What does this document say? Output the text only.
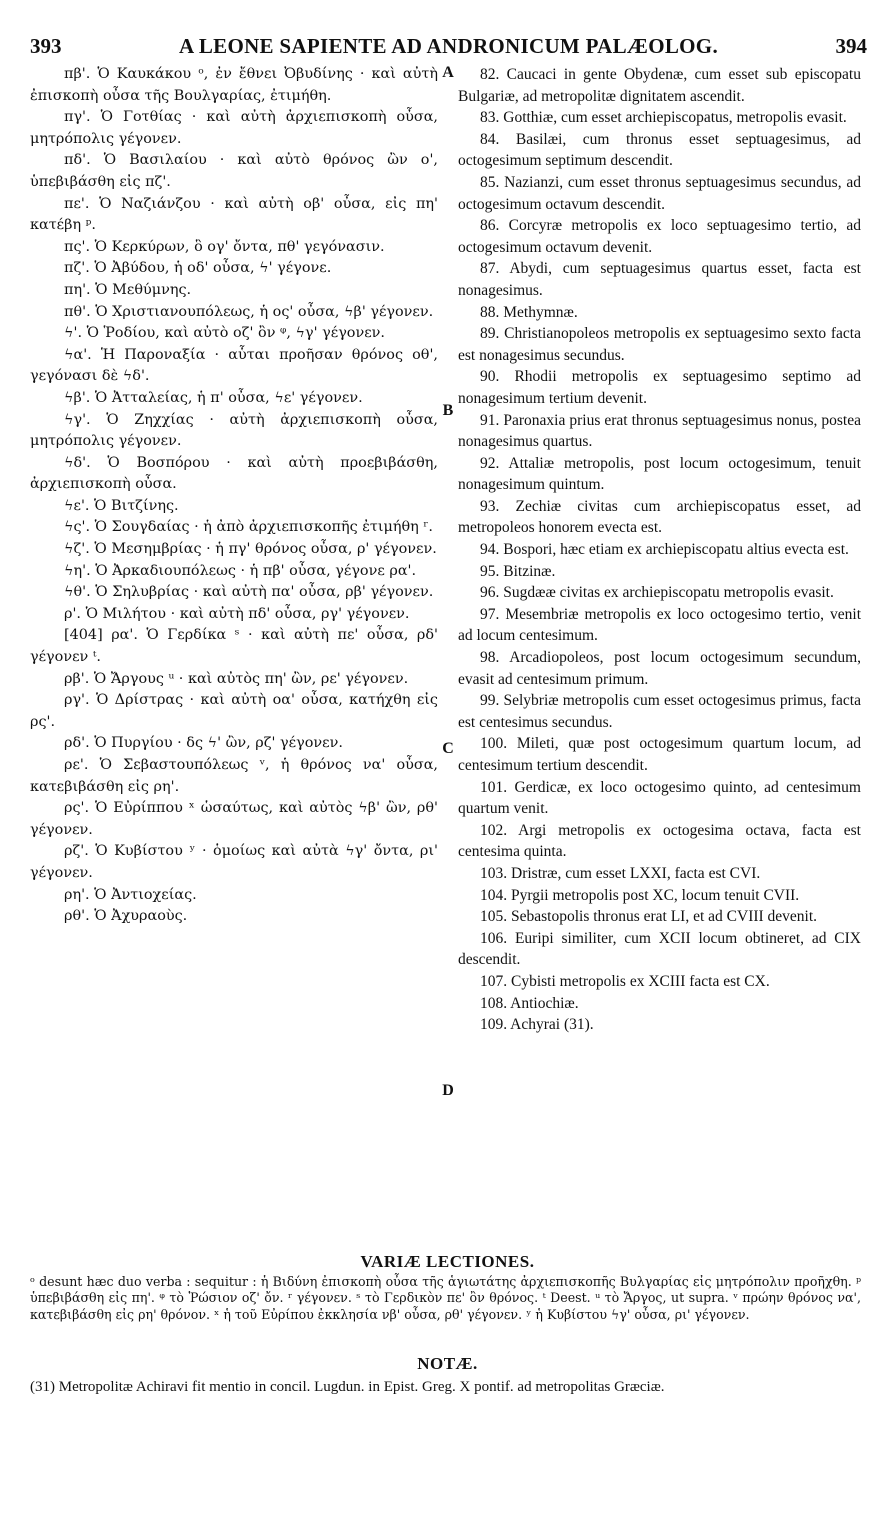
393	A LEONE SAPIENTE AD ANDRONICUM PALÆOLOG.	394

πβ'. Ὁ Καυκάκου ᵒ, ἐν ἔθνει Ὀβυδίνης · καὶ αὐτὴ ἐπισκοπὴ οὖσα τῆς Βουλγαρίας, ἐτιμήθη.

πγ'. Ὁ Γοτθίας · καὶ αὐτὴ ἀρχιεπισκοπὴ οὖσα, μητρόπολις γέγονεν.

πδ'. Ὁ Βασιλαίου · καὶ αὐτὸ θρόνος ὢν ο', ὑπεβιβάσθη εἰς πζ'.

πε'. Ὁ Ναζιάνζου · καὶ αὐτὴ οβ' οὖσα, εἰς πη' κατέβη ᵖ.

πς'. Ὁ Κερκύρων, ὃ ογ' ὄντα, πθ' γεγόνασιν.

πζ'. Ὁ Ἀβύδου, ἡ οδ' οὖσα, ϟ' γέγονε.

πη'. Ὁ Μεθύμνης.

πθ'. Ὁ Χριστιανουπόλεως, ἡ ος' οὖσα, ϟβ' γέγονεν.

ϟ'. Ὁ Ῥοδίου, καὶ αὐτὸ οζ' ὂν ᵠ, ϟγ' γέγονεν.

ϟα'. Ἡ Παροναξία · αὗται προῆσαν θρόνος οθ', γεγόνασι δὲ ϟδ'.

ϟβ'. Ὁ Ἀτταλείας, ἡ π' οὖσα, ϟε' γέγονεν.

ϟγ'. Ὁ Ζηχχίας · αὐτὴ ἀρχιεπισκοπὴ οὖσα, μητρόπολις γέγονεν.

ϟδ'. Ὁ Βοσπόρου · καὶ αὐτὴ προεβιβάσθη, ἀρχιεπισκοπὴ οὖσα.

ϟε'. Ὁ Βιτζίνης.

ϟς'. Ὁ Σουγδαίας · ἡ ἀπὸ ἀρχιεπισκοπῆς ἐτιμήθη ʳ.

ϟζ'. Ὁ Μεσημβρίας · ἡ πγ' θρόνος οὖσα, ρ' γέγονεν.

ϟη'. Ὁ Ἀρκαδιουπόλεως · ἡ πβ' οὖσα, γέγονε ρα'.

ϟθ'. Ὁ Σηλυβρίας · καὶ αὐτὴ πα' οὖσα, ρβ' γέγονεν.

ρ'. Ὁ Μιλήτου · καὶ αὐτὴ πδ' οὖσα, ργ' γέγονεν.

[404] ρα'. Ὁ Γερδίκα ˢ · καὶ αὐτὴ πε' οὖσα, ρδ' γέγονεν ᵗ.

ρβ'. Ὁ Ἄργους ᵘ · καὶ αὐτὸς πη' ὢν, ρε' γέγονεν.

ργ'. Ὁ Δρίστρας · καὶ αὐτὴ οα' οὖσα, κατήχθη εἰς ρς'.

ρδ'. Ὁ Πυργίου · δς ϟ' ὢν, ρζ' γέγονεν.

ρε'. Ὁ Σεβαστουπόλεως ᵛ, ἡ θρόνος να' οὖσα, κατεβιβάσθη εἰς ρη'.

ρς'. Ὁ Εὐρίππου ˣ ὡσαύτως, καὶ αὐτὸς ϟβ' ὢν, ρθ' γέγονεν.

ρζ'. Ὁ Κυβίστου ʸ · ὁμοίως καὶ αὐτὰ ϟγ' ὄντα, ρι' γέγονεν.

ρη'. Ὁ Ἀντιοχείας.

ρθ'. Ὁ Ἀχυραοὺς.

82. Caucaci in gente Obydenæ, cum esset sub episcopatu Bulgariæ, ad metropolitæ dignitatem ascendit.

83. Gotthiæ, cum esset archiepiscopatus, metropolis evasit.

84. Basilæi, cum thronus esset septuagesimus, ad octogesimum septimum descendit.

85. Nazianzi, cum esset thronus septuagesimus secundus, ad octogesimum octavum descendit.

86. Corcyræ metropolis ex loco septuagesimo tertio, ad octogesimum octavum devenit.

87. Abydi, cum septuagesimus quartus esset, facta est nonagesimus.

88. Methymnæ.

89. Christianopoleos metropolis ex septuagesimo sexto facta est nonagesimus secundus.

90. Rhodii metropolis ex septuagesimo septimo ad nonagesimum tertium devenit.

91. Paronaxia prius erat thronus septuagesimus nonus, postea nonagesimus quartus.

92. Attaliæ metropolis, post locum octogesimum, tenuit nonagesimum quintum.

93. Zechiæ civitas cum archiepiscopatus esset, ad metropoleos honorem evecta est.

94. Bospori, hæc etiam ex archiepiscopatu altius evecta est.

95. Bitzinæ.

96. Sugdææ civitas ex archiepiscopatu metropolis evasit.

97. Mesembriæ metropolis ex loco octogesimo tertio, venit ad locum centesimum.

98. Arcadiopoleos, post locum octogesimum secundum, evasit ad centesimum primum.

99. Selybriæ metropolis cum esset octogesimus primus, facta est centesimus secundus.

100. Mileti, quæ post octogesimum quartum locum, ad centesimum tertium descendit.

101. Gerdicæ, ex loco octogesimo quinto, ad centesimum quartum venit.

102. Argi metropolis ex octogesima octava, facta est centesima quinta.

103. Dristræ, cum esset LXXI, facta est CVI.

104. Pyrgii metropolis post XC, locum tenuit CVII.

105. Sebastopolis thronus erat LI, et ad CVIII devenit.

106. Euripi similiter, cum XCII locum obtineret, ad CIX descendit.

107. Cybisti metropolis ex XCIII facta est CX.

108. Antiochiæ.

109. Achyrai (31).

A
B
C
D
VARIÆ LECTIONES.
ᵒ desunt hæc duo verba : sequitur : ἡ Βιδύνη ἐπισκοπὴ οὖσα τῆς ἁγιωτάτης ἀρχιεπισκοπῆς Βυλγαρίας εἰς μητρόπολιν προῆχθη. ᵖ ὑπεβιβάσθη εἰς πη'. ᵠ τὸ Ῥώσιον οζ' ὄν. ʳ γέγονεν. ˢ τὸ Γερδικὸν πε' ὂν θρόνος. ᵗ Deest. ᵘ τὸ Ἄργος, ut supra. ᵛ πρώην θρόνος να', κατεβιβάσθη εἰς ρη' θρόνον. ˣ ἡ τοῦ Εὐρίπου ἐκκλησία νβ' οὖσα, ρθ' γέγονεν. ʸ ἡ Κυβίστου ϟγ' οὖσα, ρι' γέγονεν.
NOTÆ.
(31) Metropolitæ Achiravi fit mentio in concil. Lugdun. in Epist. Greg. X pontif. ad metropolitas Græciæ.
